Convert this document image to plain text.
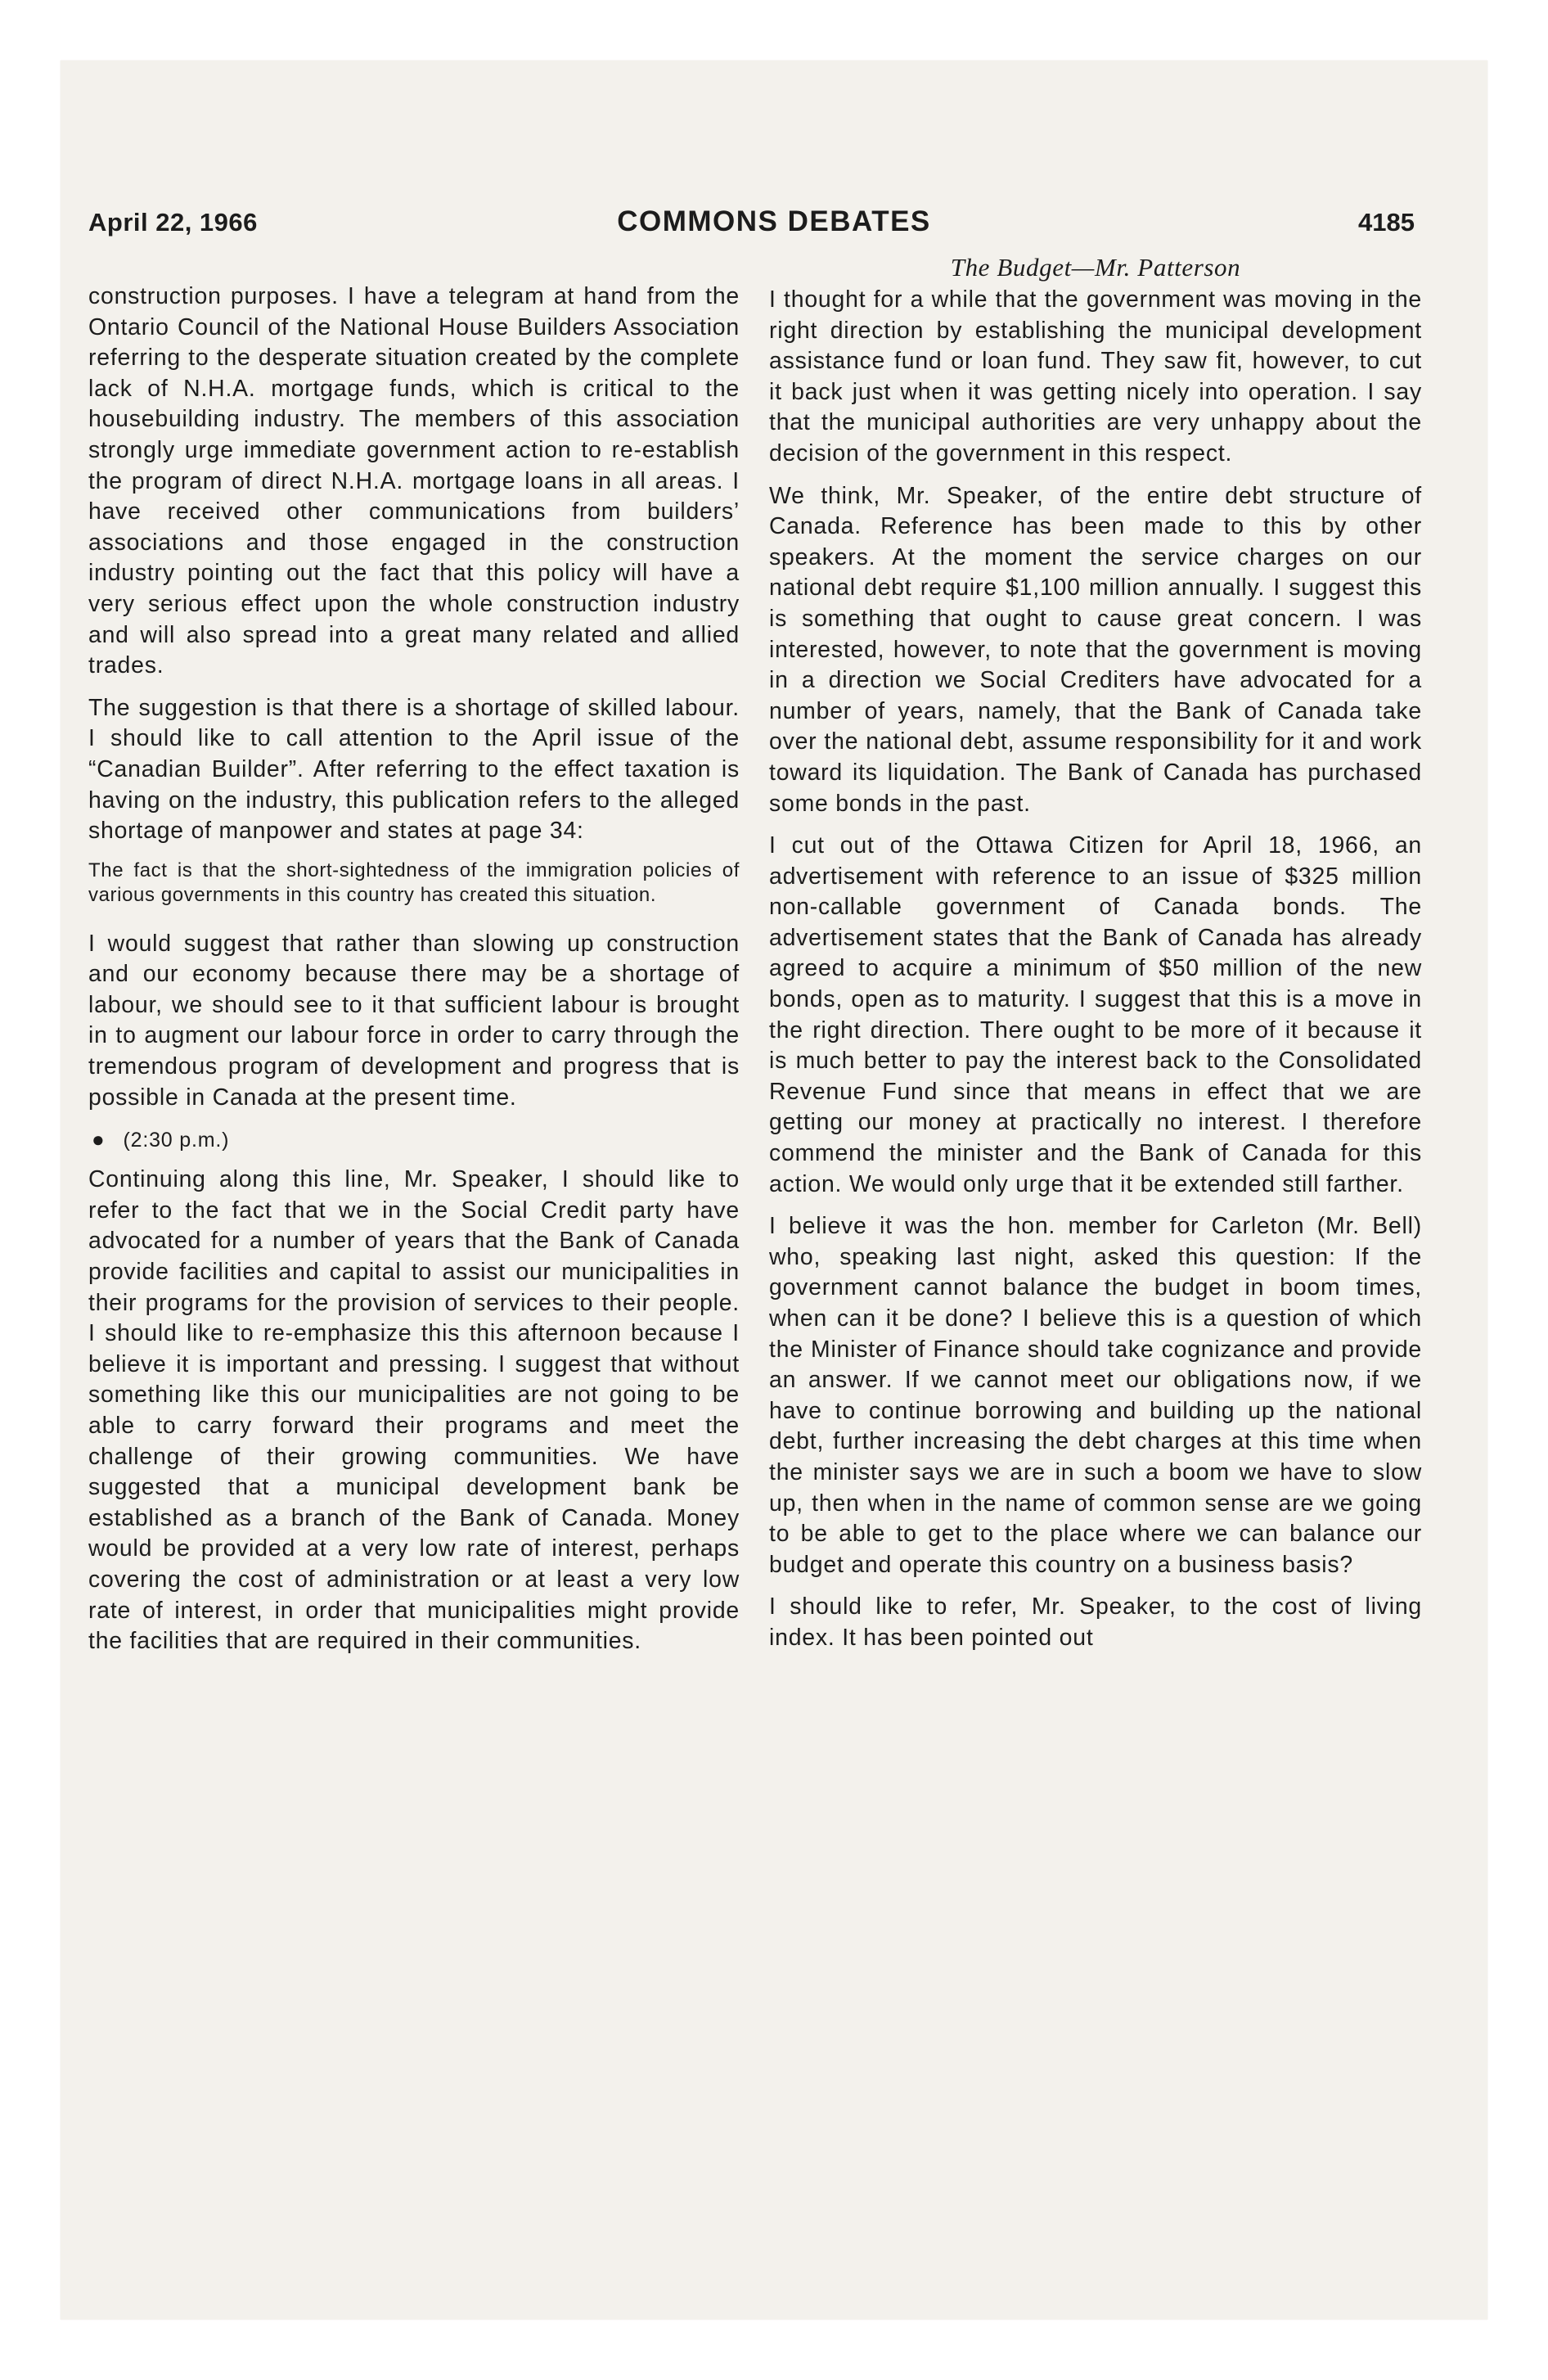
April 22, 1966	COMMONS DEBATES	4185

construction purposes. I have a telegram at hand from the Ontario Council of the National House Builders Association referring to the desperate situation created by the complete lack of N.H.A. mortgage funds, which is critical to the housebuilding industry. The members of this association strongly urge immediate government action to re-establish the program of direct N.H.A. mortgage loans in all areas. I have received other communications from builders’ associations and those engaged in the construction industry pointing out the fact that this policy will have a very serious effect upon the whole construction industry and will also spread into a great many related and allied trades.

The suggestion is that there is a shortage of skilled labour. I should like to call attention to the April issue of the “Canadian Builder”. After referring to the effect taxation is having on the industry, this publication refers to the alleged shortage of manpower and states at page 34:

The fact is that the short-sightedness of the immigration policies of various governments in this country has created this situation.

I would suggest that rather than slowing up construction and our economy because there may be a shortage of labour, we should see to it that sufficient labour is brought in to augment our labour force in order to carry through the tremendous program of development and progress that is possible in Canada at the present time.

● (2:30 p.m.)

Continuing along this line, Mr. Speaker, I should like to refer to the fact that we in the Social Credit party have advocated for a number of years that the Bank of Canada provide facilities and capital to assist our municipalities in their programs for the provision of services to their people. I should like to re-emphasize this this afternoon because I believe it is important and pressing. I suggest that without something like this our municipalities are not going to be able to carry forward their programs and meet the challenge of their growing communities. We have suggested that a municipal development bank be established as a branch of the Bank of Canada. Money would be provided at a very low rate of interest, perhaps covering the cost of administration or at least a very low rate of interest, in order that municipalities might provide the facilities that are required in their communities.

The Budget—Mr. Patterson

I thought for a while that the government was moving in the right direction by establishing the municipal development assistance fund or loan fund. They saw fit, however, to cut it back just when it was getting nicely into operation. I say that the municipal authorities are very unhappy about the decision of the government in this respect.

We think, Mr. Speaker, of the entire debt structure of Canada. Reference has been made to this by other speakers. At the moment the service charges on our national debt require $1,100 million annually. I suggest this is something that ought to cause great concern. I was interested, however, to note that the government is moving in a direction we Social Crediters have advocated for a number of years, namely, that the Bank of Canada take over the national debt, assume responsibility for it and work toward its liquidation. The Bank of Canada has purchased some bonds in the past.

I cut out of the Ottawa Citizen for April 18, 1966, an advertisement with reference to an issue of $325 million non-callable government of Canada bonds. The advertisement states that the Bank of Canada has already agreed to acquire a minimum of $50 million of the new bonds, open as to maturity. I suggest that this is a move in the right direction. There ought to be more of it because it is much better to pay the interest back to the Consolidated Revenue Fund since that means in effect that we are getting our money at practically no interest. I therefore commend the minister and the Bank of Canada for this action. We would only urge that it be extended still farther.

I believe it was the hon. member for Carleton (Mr. Bell) who, speaking last night, asked this question: If the government cannot balance the budget in boom times, when can it be done? I believe this is a question of which the Minister of Finance should take cognizance and provide an answer. If we cannot meet our obligations now, if we have to continue borrowing and building up the national debt, further increasing the debt charges at this time when the minister says we are in such a boom we have to slow up, then when in the name of common sense are we going to be able to get to the place where we can balance our budget and operate this country on a business basis?

I should like to refer, Mr. Speaker, to the cost of living index. It has been pointed out
